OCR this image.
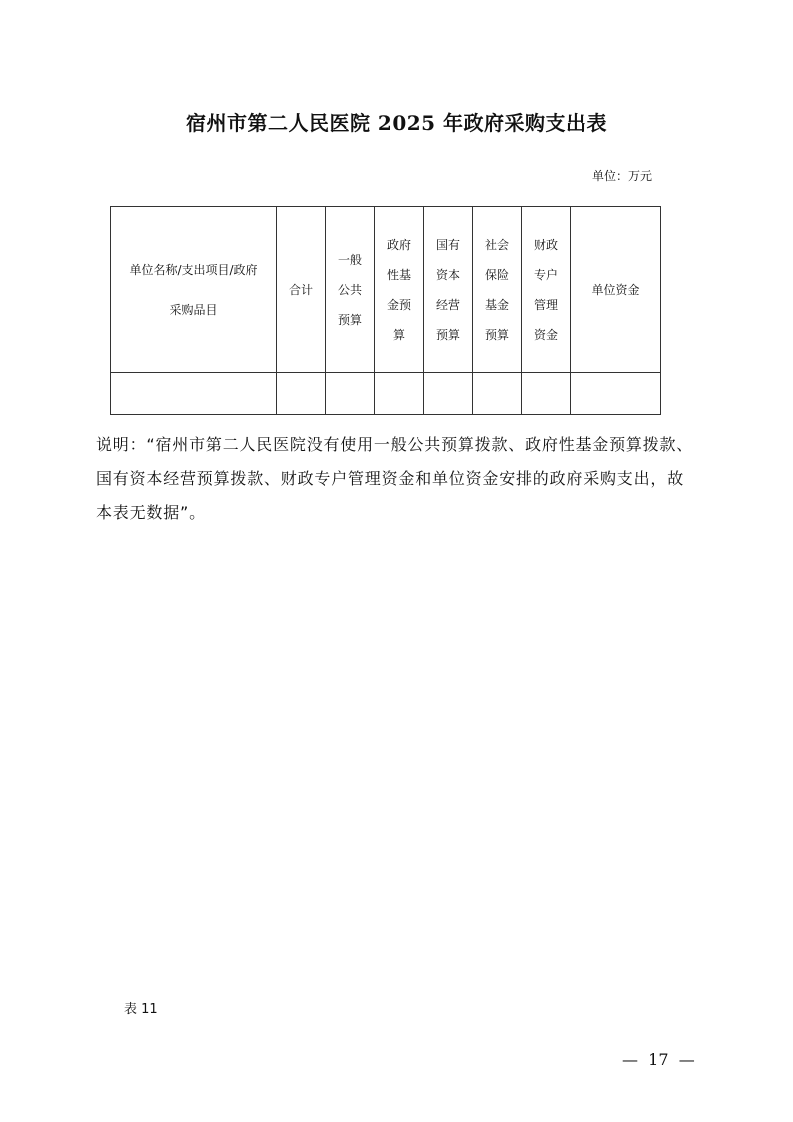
宿州市第二人民医院 2025 年政府采购支出表
单位：万元
单位名称/支出项目/政府
采购品目	合计	一般
公共
预算	政府
性基
金预
算	国有
资本
经营
预算	社会
保险
基金
预算	财政
专户
管理
资金	单位资金

说明：“宿州市第二人民医院没有使用一般公共预算拨款、政府性基金预算拨款、国有资本经营预算拨款、财政专户管理资金和单位资金安排的政府采购支出，故本表无数据”。

表 11
—  17  —
